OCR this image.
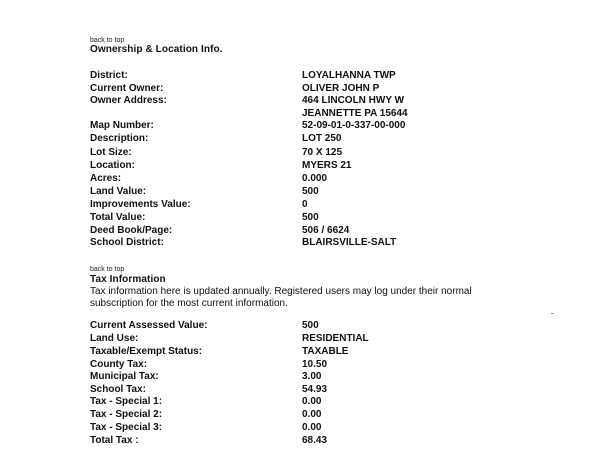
back to top
Ownership & Location Info.
District:	LOYALHANNA TWP
Current Owner:	OLIVER JOHN P
Owner Address:	464 LINCOLN HWY W
JEANNETTE PA 15644
Map Number:	52-09-01-0-337-00-000
Description:	LOT 250
Lot Size:	70 X 125
Location:	MYERS 21
Acres:	0.000
Land Value:	500
Improvements Value:	0
Total Value:	500
Deed Book/Page:	506 / 6624
School District:	BLAIRSVILLE-SALT
back to top
Tax Information
Tax information here is updated annually. Registered users may log under their normal subscription for the most current information.
Current Assessed Value:	500
Land Use:	RESIDENTIAL
Taxable/Exempt Status:	TAXABLE
County Tax:	10.50
Municipal Tax:	3.00
School Tax:	54.93
Tax - Special 1:	0.00
Tax - Special 2:	0.00
Tax - Special 3:	0.00
Total Tax :	68.43
